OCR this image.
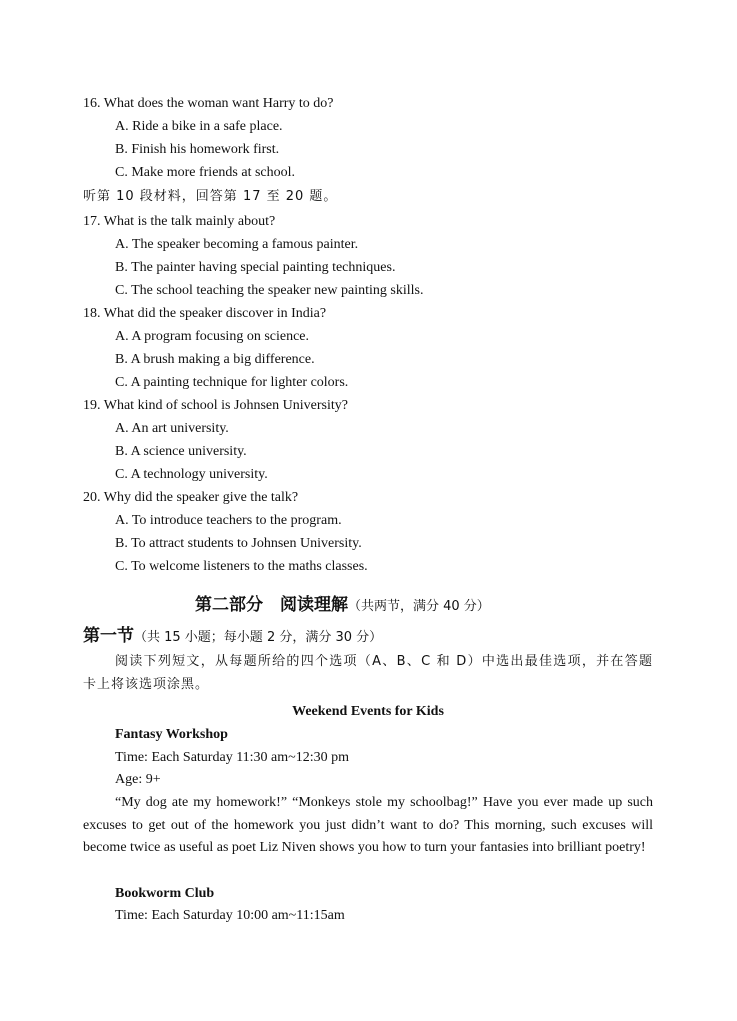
16. What does the woman want Harry to do?
A. Ride a bike in a safe place.
B. Finish his homework first.
C. Make more friends at school.
听第 10 段材料，回答第 17 至 20 题。
17. What is the talk mainly about?
A. The speaker becoming a famous painter.
B. The painter having special painting techniques.
C. The school teaching the speaker new painting skills.
18. What did the speaker discover in India?
A. A program focusing on science.
B. A brush making a big difference.
C. A painting technique for lighter colors.
19. What kind of school is Johnsen University?
A. An art university.
B. A science university.
C. A technology university.
20. Why did the speaker give the talk?
A. To introduce teachers to the program.
B. To attract students to Johnsen University.
C. To welcome listeners to the maths classes.
第二部分　阅读理解（共两节，满分 40 分）
第一节（共 15 小题；每小题 2 分，满分 30 分）
阅读下列短文，从每题所给的四个选项（A、B、C 和 D）中选出最佳选项，并在答题卡上将该选项涂黑。
Weekend Events for Kids
Fantasy Workshop
Time: Each Saturday 11:30 am~12:30 pm
Age: 9+
“My dog ate my homework!” “Monkeys stole my schoolbag!” Have you ever made up such excuses to get out of the homework you just didn’t want to do? This morning, such excuses will become twice as useful as poet Liz Niven shows you how to turn your fantasies into brilliant poetry!
Bookworm Club
Time: Each Saturday 10:00 am~11:15am
